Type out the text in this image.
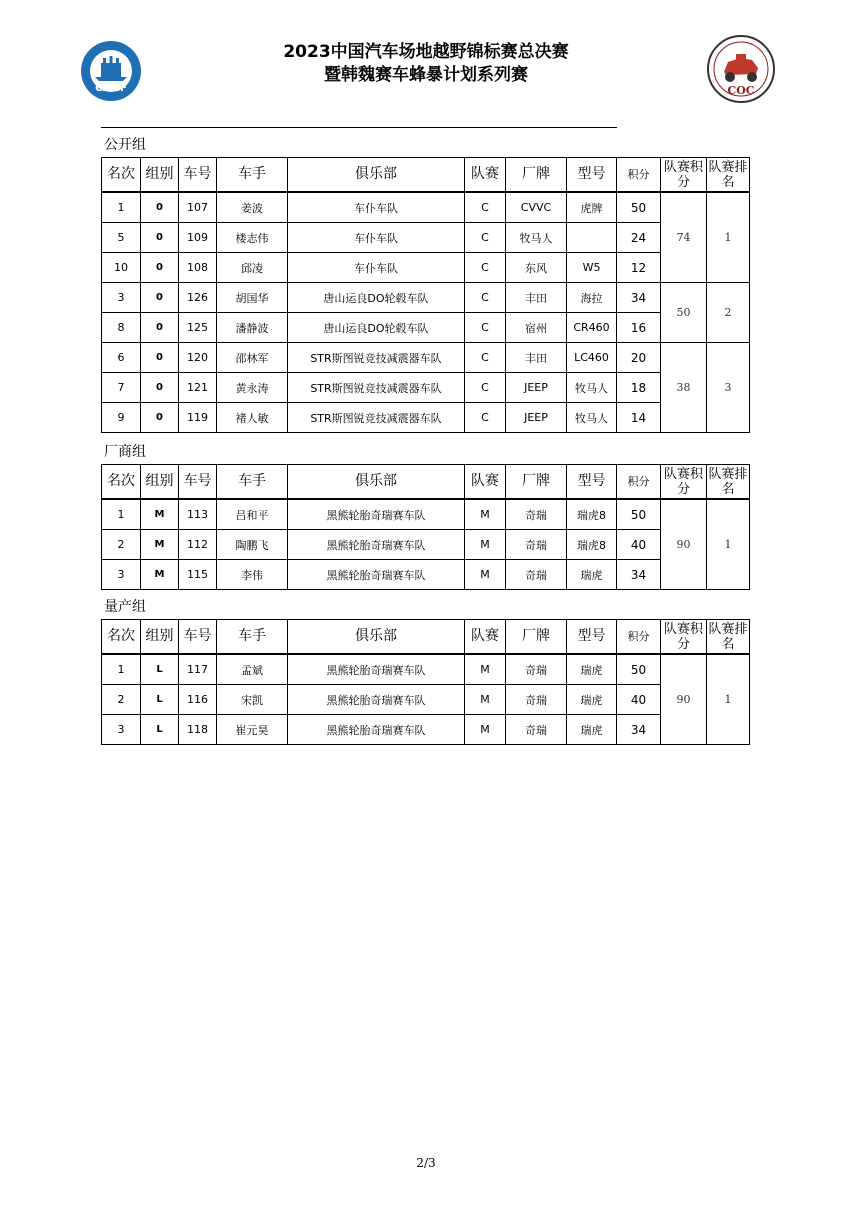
CAMF	COC
2023中国汽车场地越野锦标赛总决赛
暨韩魏赛车蜂暴计划系列赛
公开组
名次	组别	车号	车手	俱乐部	队赛	厂牌	型号	积分	队赛积分	队赛排名
1	0	107	姜波	车仆车队	C	CVVC	虎牌	50	74	1
5	0	109	楼志伟	车仆车队	C	牧马人		24		
10	0	108	邱凌	车仆车队	C	东风	W5	12		
3	0	126	胡国华	唐山运良DO轮毂车队	C	丰田	海拉	34	50	2
8	0	125	潘静波	唐山运良DO轮毂车队	C	宿州	CR460	16		
6	0	120	邵林军	STR斯图锐竞技减震器车队	C	丰田	LC460	20	38	3
7	0	121	黄永涛	STR斯图锐竞技减震器车队	C	JEEP	牧马人	18		
9	0	119	褚人敏	STR斯图锐竞技减震器车队	C	JEEP	牧马人	14		
厂商组
名次	组别	车号	车手	俱乐部	队赛	厂牌	型号	积分	队赛积分	队赛排名
1	M	113	吕和平	黑熊轮胎奇瑞赛车队	M	奇瑞	瑞虎8	50	90	1
2	M	112	陶鹏飞	黑熊轮胎奇瑞赛车队	M	奇瑞	瑞虎8	40		
3	M	115	李伟	黑熊轮胎奇瑞赛车队	M	奇瑞	瑞虎	34		
量产组
名次	组别	车号	车手	俱乐部	队赛	厂牌	型号	积分	队赛积分	队赛排名
1	L	117	孟斌	黑熊轮胎奇瑞赛车队	M	奇瑞	瑞虎	50	90	1
2	L	116	宋凯	黑熊轮胎奇瑞赛车队	M	奇瑞	瑞虎	40		
3	L	118	崔元昊	黑熊轮胎奇瑞赛车队	M	奇瑞	瑞虎	34		
2/3
